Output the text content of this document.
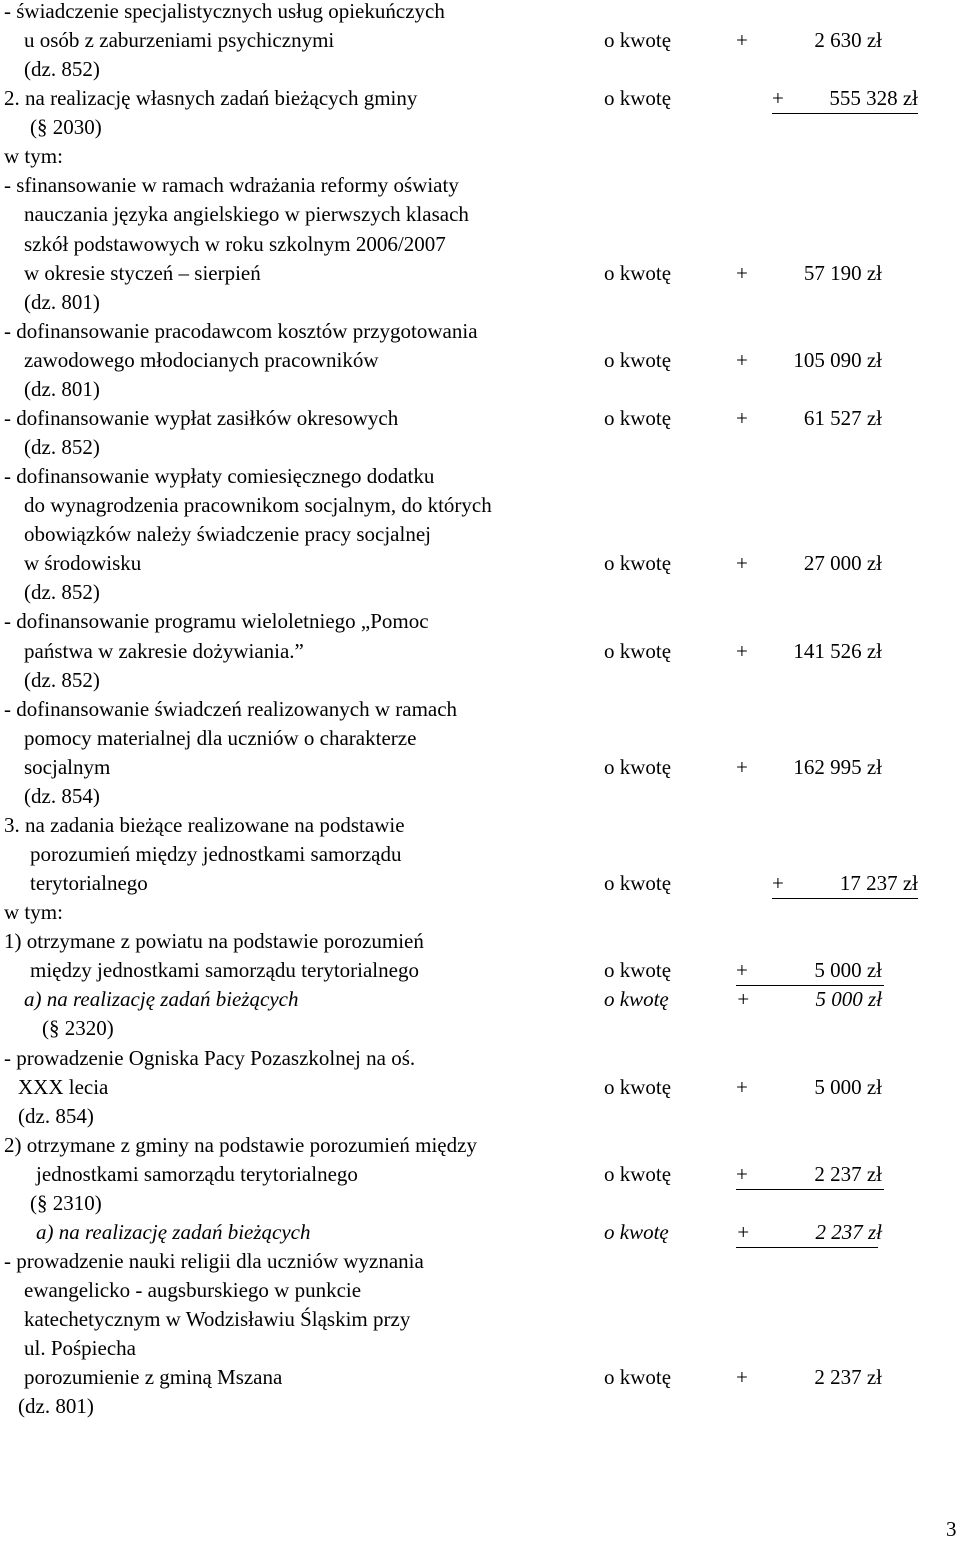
- świadczenie specjalistycznych usług opiekuńczych
u osób z zaburzeniami psychicznymi	o kwotę	+	2 630 zł
(dz. 852)
2. na realizację własnych zadań bieżących gminy	o kwotę	+ 555 328 zł
(§ 2030)
w tym:
- sfinansowanie w ramach wdrażania reformy oświaty
nauczania języka angielskiego w pierwszych klasach
szkół podstawowych w roku szkolnym 2006/2007
w okresie styczeń – sierpień	o kwotę	+	57 190 zł
(dz. 801)
- dofinansowanie pracodawcom kosztów przygotowania
zawodowego młodocianych pracowników	o kwotę	+ 105 090 zł
(dz. 801)
- dofinansowanie wypłat zasiłków okresowych	o kwotę	+	61 527 zł
(dz. 852)
- dofinansowanie wypłaty comiesięcznego dodatku
do wynagrodzenia pracownikom socjalnym, do których
obowiązków należy świadczenie pracy socjalnej
w środowisku	o kwotę	+	27 000 zł
(dz. 852)
- dofinansowanie programu wieloletniego „Pomoc
państwa w zakresie dożywiania.”	o kwotę	+ 141 526 zł
(dz. 852)
- dofinansowanie świadczeń realizowanych w ramach
pomocy materialnej dla uczniów o charakterze
socjalnym	o kwotę	+ 162 995 zł
(dz. 854)
3. na zadania bieżące realizowane na podstawie
porozumień między jednostkami samorządu
terytorialnego	o kwotę	+	17 237 zł
w tym:
1) otrzymane z powiatu na podstawie porozumień
między jednostkami samorządu terytorialnego	o kwotę	+	5 000 zł
a) na realizację zadań bieżących	o kwotę	+	5 000 zł
(§ 2320)
- prowadzenie Ogniska Pacy Pozaszkolnej na oś.
XXX lecia	o kwotę	+	5 000 zł
(dz. 854)
2) otrzymane z gminy na podstawie porozumień między
jednostkami samorządu terytorialnego	o kwotę	+	2 237 zł
(§ 2310)
a) na realizację zadań bieżących	o kwotę	+	2 237 zł
- prowadzenie nauki religii dla uczniów wyznania
ewangelicko - augsburskiego w punkcie
katechetycznym w Wodzisławiu Śląskim przy
ul. Pośpiecha
porozumienie z gminą Mszana	o kwotę	+	2 237 zł
(dz. 801)
3
